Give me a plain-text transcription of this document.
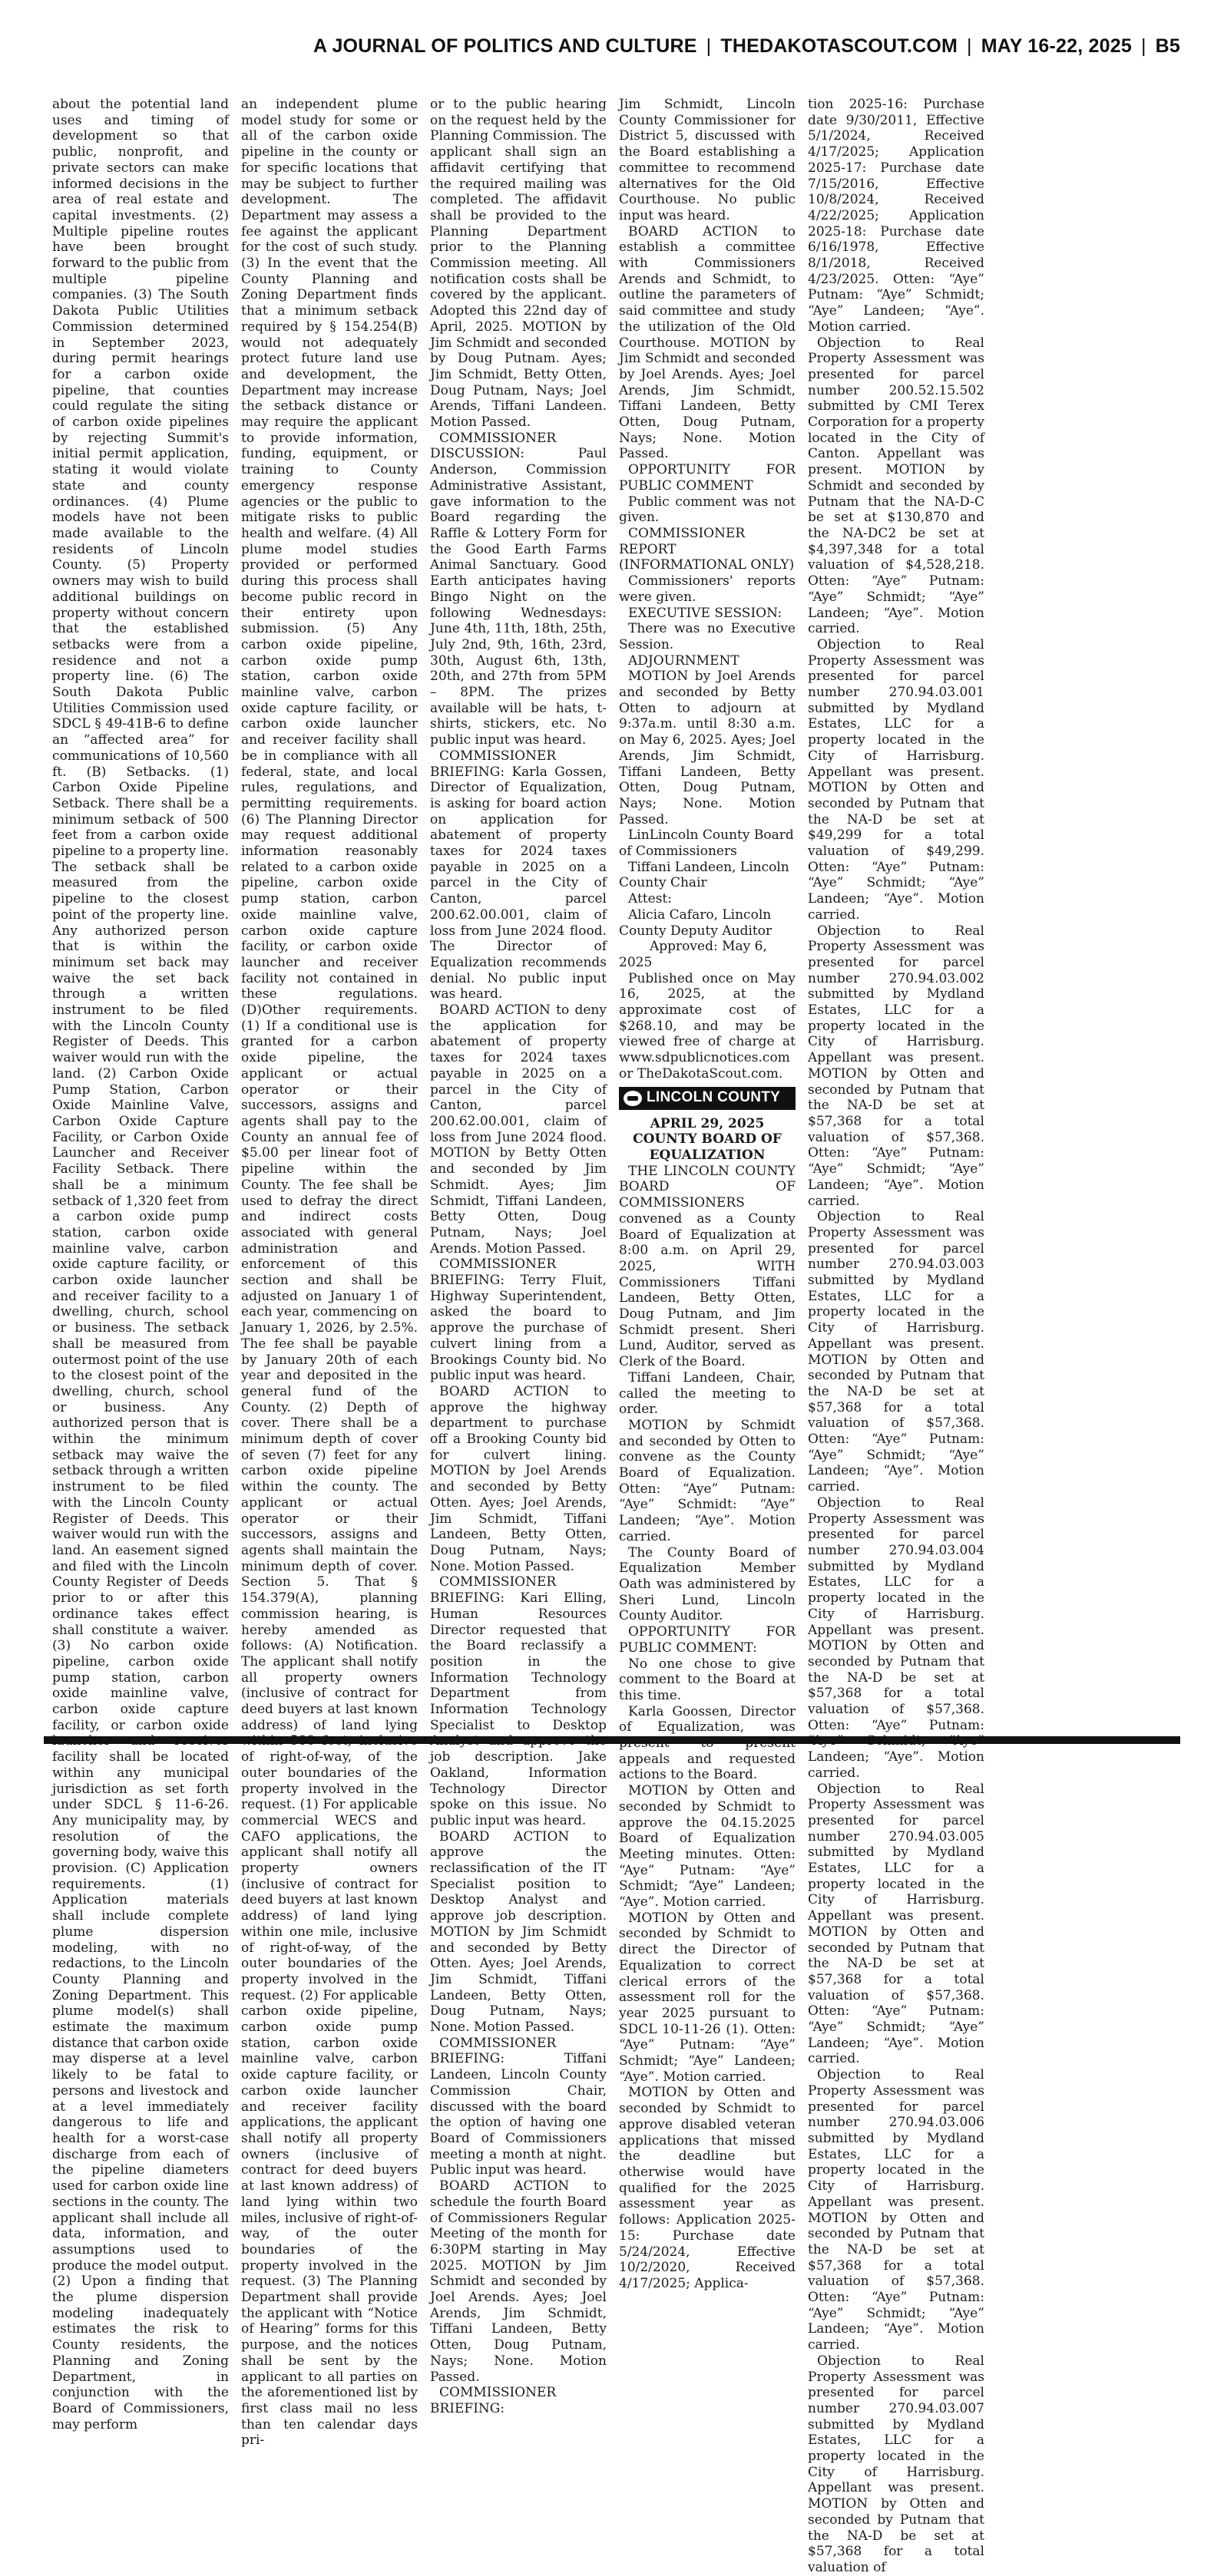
A JOURNAL OF POLITICS AND CULTURE | THEDAKOTASCOUT.COM | MAY 16-22, 2025 | B5

about the potential land uses and timing of development so that public, nonprofit, and private sectors can make informed decisions in the area of real estate and capital investments. (2) Multiple pipeline routes have been brought forward to the public from multiple pipeline companies. (3) The South Dakota Public Utilities Commission determined in September 2023, during permit hearings for a carbon oxide pipeline, that counties could regulate the siting of carbon oxide pipelines by rejecting Summit's initial permit application, stating it would violate state and county ordinances. (4) Plume models have not been made available to the residents of Lincoln County. (5) Property owners may wish to build additional buildings on property without concern that the established setbacks were from a residence and not a property line. (6) The South Dakota Public Utilities Commission used SDCL § 49-41B-6 to define an “affected area” for communications of 10,560 ft. (B) Setbacks. (1) Carbon Oxide Pipeline Setback. There shall be a minimum setback of 500 feet from a carbon oxide pipeline to a property line. The setback shall be measured from the pipeline to the closest point of the property line. Any authorized person that is within the minimum set back may waive the set back through a written instrument to be filed with the Lincoln County Register of Deeds. This waiver would run with the land. (2) Carbon Oxide Pump Station, Carbon Oxide Mainline Valve, Carbon Oxide Capture Facility, or Carbon Oxide Launcher and Receiver Facility Setback. There shall be a minimum setback of 1,320 feet from a carbon oxide pump station, carbon oxide mainline valve, carbon oxide capture facility, or carbon oxide launcher and receiver facility to a dwelling, church, school or business. The setback shall be measured from outermost point of the use to the closest point of the dwelling, church, school or business. Any authorized person that is within the minimum setback may waive the setback through a written instrument to be filed with the Lincoln County Register of Deeds. This waiver would run with the land. An easement signed and filed with the Lincoln County Register of Deeds prior to or after this ordinance takes effect shall constitute a waiver. (3) No carbon oxide pipeline, carbon oxide pump station, carbon oxide mainline valve, carbon oxide capture facility, or carbon oxide facility shall be located within any municipal jurisdiction as set forth under SDCL § 11-6-26. Any municipality may, by resolution of the governing body, waive this provision. (C) Application requirements. (1) Application materials shall include complete plume dispersion modeling, with no redactions, to the Lincoln County Planning and Zoning Department. This plume model(s) shall estimate the maximum distance that carbon oxide may disperse at a level likely to be fatal to persons and livestock and at a level immediately dangerous to life and health for a worst-case discharge from each of the pipeline diameters used for carbon oxide line sections in the county. The applicant shall include all data, information, and assumptions used to produce the model output. (2) Upon a finding that the plume dispersion modeling inadequately estimates the risk to County residents, the Planning and Zoning Department, in conjunction with the Board of Commissioners, may perform

an independent plume model study for some or all of the carbon oxide pipeline in the county or for specific locations that may be subject to further development. The Department may assess a fee against the applicant for the cost of such study. (3) In the event that the County Planning and Zoning Department finds that a minimum setback required by § 154.254(B) would not adequately protect future land use and development, the Department may increase the setback distance or may require the applicant to provide information, funding, equipment, or training to County emergency response agencies or the public to mitigate risks to public health and welfare. (4) All plume model studies provided or performed during this process shall become public record in their entirety upon submission. (5) Any carbon oxide pipeline, carbon oxide pump station, carbon oxide mainline valve, carbon oxide capture facility, or carbon oxide launcher and receiver facility shall be in compliance with all federal, state, and local rules, regulations, and permitting requirements. (6) The Planning Director may request additional information reasonably related to a carbon oxide pipeline, carbon oxide pump station, carbon oxide mainline valve, carbon oxide capture facility, or carbon oxide launcher and receiver facility not contained in these regulations. (D)Other requirements. (1) If a conditional use is granted for a carbon oxide pipeline, the applicant or actual operator or their successors, assigns and agents shall pay to the County an annual fee of $5.00 per linear foot of pipeline within the County. The fee shall be used to defray the direct and indirect costs associated with general administration and enforcement of this section and shall be adjusted on January 1 of each year, commencing on January 1, 2026, by 2.5%. The fee shall be payable by January 20th of each year and deposited in the general fund of the County. (2) Depth of cover. There shall be a minimum depth of cover of seven (7) feet for any carbon oxide pipeline within the county. The applicant or actual operator or their successors, assigns and agents shall maintain the minimum depth of cover. Section 5. That § 154.379(A), planning commission hearing, is hereby amended as follows: (A) Notification. The applicant shall notify all property owners (inclusive of contract for deed buyers at last known address) of land lying of right-of-way, of the outer boundaries of the property involved in the request. (1) For applicable commercial WECS and CAFO applications, the applicant shall notify all property owners (inclusive of contract for deed buyers at last known address) of land lying within one mile, inclusive of right-of-way, of the outer boundaries of the property involved in the request. (2) For applicable carbon oxide pipeline, carbon oxide pump station, carbon oxide mainline valve, carbon oxide capture facility, or carbon oxide launcher and receiver facility applications, the applicant shall notify all property owners (inclusive of contract for deed buyers at last known address) of land lying within two miles, inclusive of right-of-way, of the outer boundaries of the property involved in the request. (3) The Planning Department shall provide the applicant with “Notice of Hearing” forms for this purpose, and the notices shall be sent by the applicant to all parties on the aforementioned list by first class mail no less than ten calendar days pri-

or to the public hearing on the request held by the Planning Commission. The applicant shall sign an affidavit certifying that the required mailing was completed. The affidavit shall be provided to the Planning Department prior to the Planning Commission meeting. All notification costs shall be covered by the applicant. Adopted this 22nd day of April, 2025. MOTION by Jim Schmidt and seconded by Doug Putnam. Ayes; Jim Schmidt, Betty Otten, Doug Putnam, Nays; Joel Arends, Tiffani Landeen. Motion Passed.

COMMISSIONER DISCUSSION: Paul Anderson, Commission Administrative Assistant, gave information to the Board regarding the Raffle & Lottery Form for the Good Earth Farms Animal Sanctuary. Good Earth anticipates having Bingo Night on the following Wednesdays: June 4th, 11th, 18th, 25th, July 2nd, 9th, 16th, 23rd, 30th, August 6th, 13th, 20th, and 27th from 5PM – 8PM. The prizes available will be hats, t-shirts, stickers, etc. No public input was heard.

COMMISSIONER BRIEFING: Karla Gossen, Director of Equalization, is asking for board action on application for abatement of property taxes for 2024 taxes payable in 2025 on a parcel in the City of Canton, parcel 200.62.00.001, claim of loss from June 2024 flood. The Director of Equalization recommends denial. No public input was heard.

BOARD ACTION to deny the application for abatement of property taxes for 2024 taxes payable in 2025 on a parcel in the City of Canton, parcel 200.62.00.001, claim of loss from June 2024 flood. MOTION by Betty Otten and seconded by Jim Schmidt. Ayes; Jim Schmidt, Tiffani Landeen, Betty Otten, Doug Putnam, Nays; Joel Arends. Motion Passed.

COMMISSIONER BRIEFING: Terry Fluit, Highway Superintendent, asked the board to approve the purchase of culvert lining from a Brookings County bid. No public input was heard.

BOARD ACTION to approve the highway department to purchase off a Brooking County bid for culvert lining. MOTION by Joel Arends and seconded by Betty Otten. Ayes; Joel Arends, Jim Schmidt, Tiffani Landeen, Betty Otten, Doug Putnam, Nays; None. Motion Passed.

COMMISSIONER BRIEFING: Kari Elling, Human Resources Director requested that the Board reclassify a position in the Information Technology Department from Information Technology Specialist to Desktop job description. Jake Oakland, Information Technology Director spoke on this issue. No public input was heard.

BOARD ACTION to approve the reclassification of the IT Specialist position to Desktop Analyst and approve job description. MOTION by Jim Schmidt and seconded by Betty Otten. Ayes; Joel Arends, Jim Schmidt, Tiffani Landeen, Betty Otten, Doug Putnam, Nays; None. Motion Passed.

COMMISSIONER BRIEFING: Tiffani Landeen, Lincoln County Commission Chair, discussed with the board the option of having one Board of Commissioners meeting a month at night. Public input was heard.

BOARD ACTION to schedule the fourth Board of Commissioners Regular Meeting of the month for 6:30PM starting in May 2025. MOTION by Jim Schmidt and seconded by Joel Arends. Ayes; Joel Arends, Jim Schmidt, Tiffani Landeen, Betty Otten, Doug Putnam, Nays; None. Motion Passed.

COMMISSIONER BRIEFING:

Jim Schmidt, Lincoln County Commissioner for District 5, discussed with the Board establishing a committee to recommend alternatives for the Old Courthouse. No public input was heard.

BOARD ACTION to establish a committee with Commissioners Arends and Schmidt, to outline the parameters of said committee and study the utilization of the Old Courthouse. MOTION by Jim Schmidt and seconded by Joel Arends. Ayes; Joel Arends, Jim Schmidt, Tiffani Landeen, Betty Otten, Doug Putnam, Nays; None. Motion Passed.

OPPORTUNITY FOR PUBLIC COMMENT

Public comment was not given.

COMMISSIONER REPORT (INFORMATIONAL ONLY)

Commissioners' reports were given.

EXECUTIVE SESSION:

There was no Executive Session.

ADJOURNMENT

MOTION by Joel Arends and seconded by Betty Otten to adjourn at 9:37a.m. until 8:30 a.m. on May 6, 2025. Ayes; Joel Arends, Jim Schmidt, Tiffani Landeen, Betty Otten, Doug Putnam, Nays; None. Motion Passed.

LinLincoln County Board of Commissioners

Tiffani Landeen, Lincoln County Chair

Attest:

Alicia Cafaro, Lincoln County Deputy Auditor

Approved: May 6, 2025

Published once on May 16, 2025, at the approximate cost of $268.10, and may be viewed free of charge at www.sdpublicnotices.com or TheDakotaScout.com.

LINCOLN COUNTY

APRIL 29, 2025

COUNTY BOARD OF EQUALIZATION

THE LINCOLN COUNTY BOARD OF COMMISSIONERS convened as a County Board of Equalization at 8:00 a.m. on April 29, 2025, WITH Commissioners Tiffani Landeen, Betty Otten, Doug Putnam, and Jim Schmidt present. Sheri Lund, Auditor, served as Clerk of the Board.

Tiffani Landeen, Chair, called the meeting to order.

MOTION by Schmidt and seconded by Otten to convene as the County Board of Equalization. Otten: “Aye” Putnam: “Aye” Schmidt: “Aye” Landeen; “Aye”. Motion carried.

The County Board of Equalization Member Oath was administered by Sheri Lund, Lincoln County Auditor.

OPPORTUNITY FOR PUBLIC COMMENT:

No one chose to give comment to the Board at this time.

Karla Goossen, Director of Equalization, was appeals and requested actions to the Board.

MOTION by Otten and seconded by Schmidt to approve the 04.15.2025 Board of Equalization Meeting minutes. Otten: “Aye” Putnam: “Aye” Schmidt; “Aye” Landeen; “Aye”. Motion carried.

MOTION by Otten and seconded by Schmidt to direct the Director of Equalization to correct clerical errors of the assessment roll for the year 2025 pursuant to SDCL 10-11-26 (1). Otten: “Aye” Putnam: “Aye” Schmidt; “Aye” Landeen; “Aye”. Motion carried.

MOTION by Otten and seconded by Schmidt to approve disabled veteran applications that missed the deadline but otherwise would have qualified for the 2025 assessment year as follows: Application 2025-15: Purchase date 5/24/2024, Effective 10/2/2020, Received 4/17/2025; Applica-

tion 2025-16: Purchase date 9/30/2011, Effective 5/1/2024, Received 4/17/2025; Application 2025-17: Purchase date 7/15/2016, Effective 10/8/2024, Received 4/22/2025; Application 2025-18: Purchase date 6/16/1978, Effective 8/1/2018, Received 4/23/2025. Otten: “Aye” Putnam: “Aye” Schmidt; “Aye” Landeen; “Aye”. Motion carried.

Objection to Real Property Assessment was presented for parcel number 200.52.15.502 submitted by CMI Terex Corporation for a property located in the City of Canton. Appellant was present. MOTION by Schmidt and seconded by Putnam that the NA-D-C be set at $130,870 and the NA-DC2 be set at $4,397,348 for a total valuation of $4,528,218. Otten: “Aye” Putnam: “Aye” Schmidt; “Aye” Landeen; “Aye”. Motion carried.

Objection to Real Property Assessment was presented for parcel number 270.94.03.001 submitted by Mydland Estates, LLC for a property located in the City of Harrisburg. Appellant was present. MOTION by Otten and seconded by Putnam that the NA-D be set at $49,299 for a total valuation of $49,299. Otten: “Aye” Putnam: “Aye” Schmidt; “Aye” Landeen; “Aye”. Motion carried.

Objection to Real Property Assessment was presented for parcel number 270.94.03.002 submitted by Mydland Estates, LLC for a property located in the City of Harrisburg. Appellant was present. MOTION by Otten and seconded by Putnam that the NA-D be set at $57,368 for a total valuation of $57,368. Otten: “Aye” Putnam: “Aye” Schmidt; “Aye” Landeen; “Aye”. Motion carried.

Objection to Real Property Assessment was presented for parcel number 270.94.03.003 submitted by Mydland Estates, LLC for a property located in the City of Harrisburg. Appellant was present. MOTION by Otten and seconded by Putnam that the NA-D be set at $57,368 for a total valuation of $57,368. Otten: “Aye” Putnam: “Aye” Schmidt; “Aye” Landeen; “Aye”. Motion carried.

Objection to Real Property Assessment was presented for parcel number 270.94.03.004 submitted by Mydland Estates, LLC for a property located in the City of Harrisburg. Appellant was present. MOTION by Otten and seconded by Putnam that the NA-D be set at $57,368 for a total valuation of $57,368. Otten: “Aye” Putnam: Landeen; “Aye”. Motion carried.

Objection to Real Property Assessment was presented for parcel number 270.94.03.005 submitted by Mydland Estates, LLC for a property located in the City of Harrisburg. Appellant was present. MOTION by Otten and seconded by Putnam that the NA-D be set at $57,368 for a total valuation of $57,368. Otten: “Aye” Putnam: “Aye” Schmidt; “Aye” Landeen; “Aye”. Motion carried.

Objection to Real Property Assessment was presented for parcel number 270.94.03.006 submitted by Mydland Estates, LLC for a property located in the City of Harrisburg. Appellant was present. MOTION by Otten and seconded by Putnam that the NA-D be set at $57,368 for a total valuation of $57,368. Otten: “Aye” Putnam: “Aye” Schmidt; “Aye” Landeen; “Aye”. Motion carried.

Objection to Real Property Assessment was presented for parcel number 270.94.03.007 submitted by Mydland Estates, LLC for a property located in the City of Harrisburg. Appellant was present. MOTION by Otten and seconded by Putnam that the NA-D be set at $57,368 for a total valuation of
